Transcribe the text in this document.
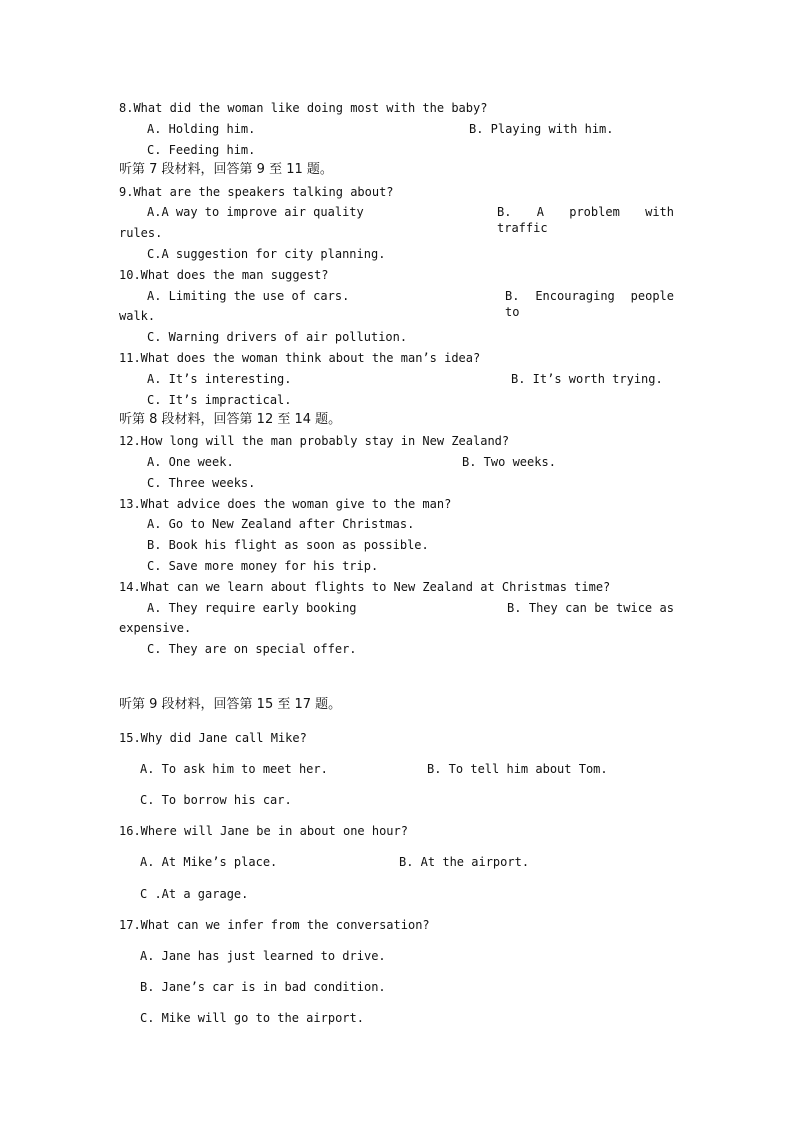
8.What did the woman like doing most with the baby?
A. Holding him.	B. Playing with him.
C. Feeding him.
听第 7 段材料，回答第 9 至 11 题。
9.What are the speakers talking about?
A.A way to improve air quality	B. A problem with traffic
rules.
C.A suggestion for city planning.
10.What does the man suggest?
A. Limiting the use of cars.	B. Encouraging people to
walk.
C. Warning drivers of air pollution.
11.What does the woman think about the man’s idea?
A. It’s interesting.	B. It’s worth trying.
C. It’s impractical.
听第 8 段材料，回答第 12 至 14 题。
12.How long will the man probably stay in New Zealand?
A. One week.	B. Two weeks.
C. Three weeks.
13.What advice does the woman give to the man?
A. Go to New Zealand after Christmas.
B. Book his flight as soon as possible.
C. Save more money for his trip.
14.What can we learn about flights to New Zealand at Christmas time?
A. They require early booking	B. They can be twice as
expensive.
C. They are on special offer.
听第 9 段材料，回答第 15 至 17 题。
15.Why did Jane call Mike?
A. To ask him to meet her.	B. To tell him about Tom.
C. To borrow his car.
16.Where will Jane be in about one hour?
A. At Mike’s place.	B. At the airport.
C .At a garage.
17.What can we infer from the conversation?
A. Jane has just learned to drive.
B. Jane’s car is in bad condition.
C. Mike will go to the airport.
